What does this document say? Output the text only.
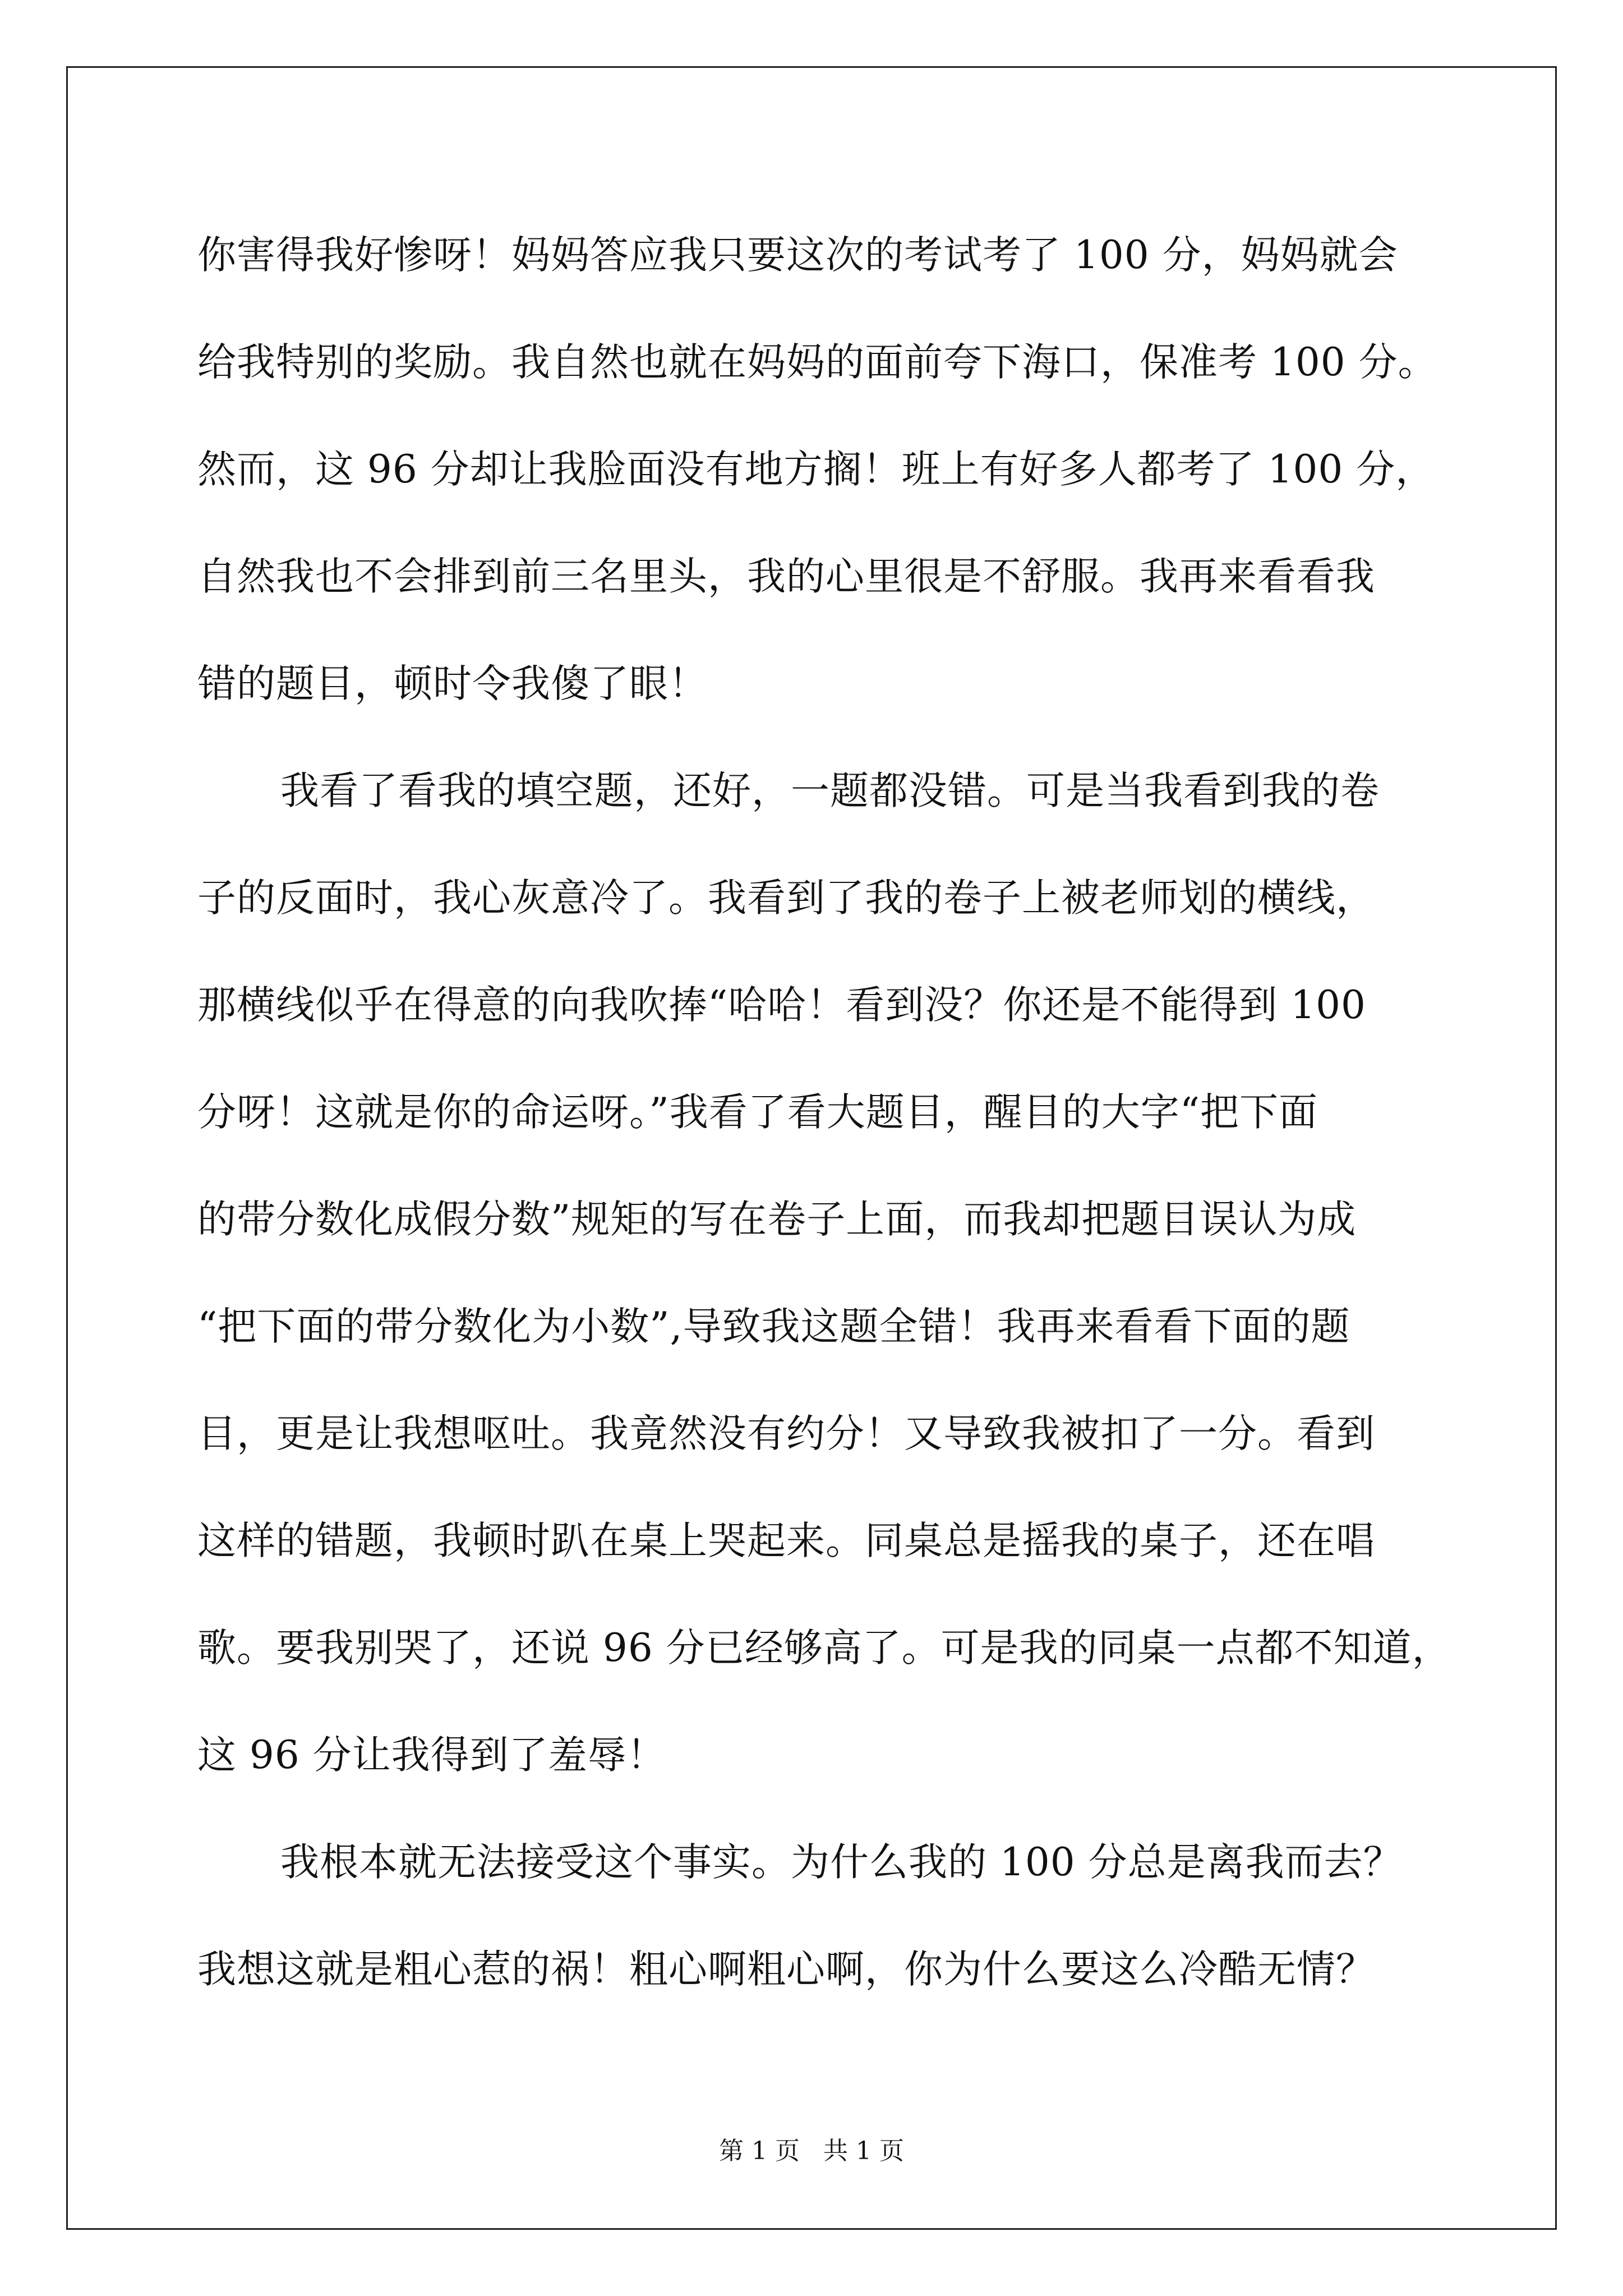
你害得我好惨呀！妈妈答应我只要这次的考试考了 100 分，妈妈就会
给我特别的奖励。我自然也就在妈妈的面前夸下海口，保准考 100 分。
然而，这 96 分却让我脸面没有地方搁！班上有好多人都考了 100 分，
自然我也不会排到前三名里头，我的心里很是不舒服。我再来看看我
错的题目，顿时令我傻了眼！
我看了看我的填空题，还好，一题都没错。可是当我看到我的卷
子的反面时，我心灰意冷了。我看到了我的卷子上被老师划的横线，
那横线似乎在得意的向我吹捧“哈哈！看到没？你还是不能得到 100
分呀！这就是你的命运呀。”我看了看大题目，醒目的大字“把下面
的带分数化成假分数”规矩的写在卷子上面，而我却把题目误认为成
“把下面的带分数化为小数”,导致我这题全错！我再来看看下面的题
目，更是让我想呕吐。我竟然没有约分！又导致我被扣了一分。看到
这样的错题，我顿时趴在桌上哭起来。同桌总是摇我的桌子，还在唱
歌。要我别哭了，还说 96 分已经够高了。可是我的同桌一点都不知道，
这 96 分让我得到了羞辱！
我根本就无法接受这个事实。为什么我的 100 分总是离我而去？
我想这就是粗心惹的祸！粗心啊粗心啊，你为什么要这么冷酷无情？
第 1 页   共 1 页
